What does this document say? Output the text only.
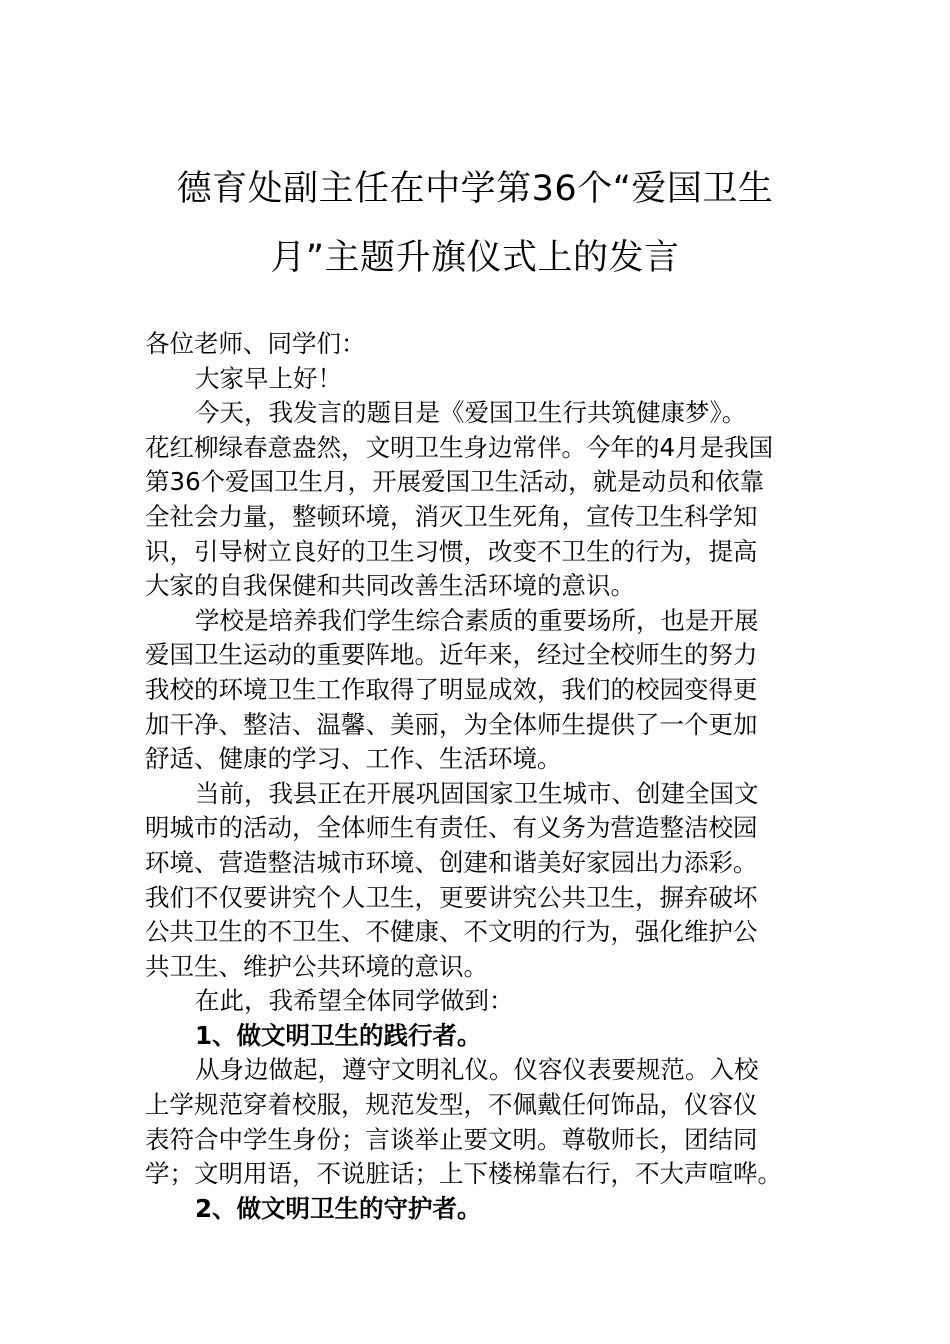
德育处副主任在中学第36个“爱国卫生
月”主题升旗仪式上的发言
各位老师、同学们：
大家早上好！
今天，我发言的题目是《爱国卫生行共筑健康梦》。
花红柳绿春意盎然，文明卫生身边常伴。今年的4月是我国
第36个爱国卫生月，开展爱国卫生活动，就是动员和依靠
全社会力量，整顿环境，消灭卫生死角，宣传卫生科学知
识，引导树立良好的卫生习惯，改变不卫生的行为，提高
大家的自我保健和共同改善生活环境的意识。
学校是培养我们学生综合素质的重要场所，也是开展
爱国卫生运动的重要阵地。近年来，经过全校师生的努力
我校的环境卫生工作取得了明显成效，我们的校园变得更
加干净、整洁、温馨、美丽，为全体师生提供了一个更加
舒适、健康的学习、工作、生活环境。
当前，我县正在开展巩固国家卫生城市、创建全国文
明城市的活动，全体师生有责任、有义务为营造整洁校园
环境、营造整洁城市环境、创建和谐美好家园出力添彩。
我们不仅要讲究个人卫生，更要讲究公共卫生，摒弃破坏
公共卫生的不卫生、不健康、不文明的行为，强化维护公
共卫生、维护公共环境的意识。
在此，我希望全体同学做到：
1、做文明卫生的践行者。
从身边做起，遵守文明礼仪。仪容仪表要规范。入校
上学规范穿着校服，规范发型，不佩戴任何饰品，仪容仪
表符合中学生身份；言谈举止要文明。尊敬师长，团结同
学；文明用语，不说脏话；上下楼梯靠右行，不大声喧哗。
2、做文明卫生的守护者。
